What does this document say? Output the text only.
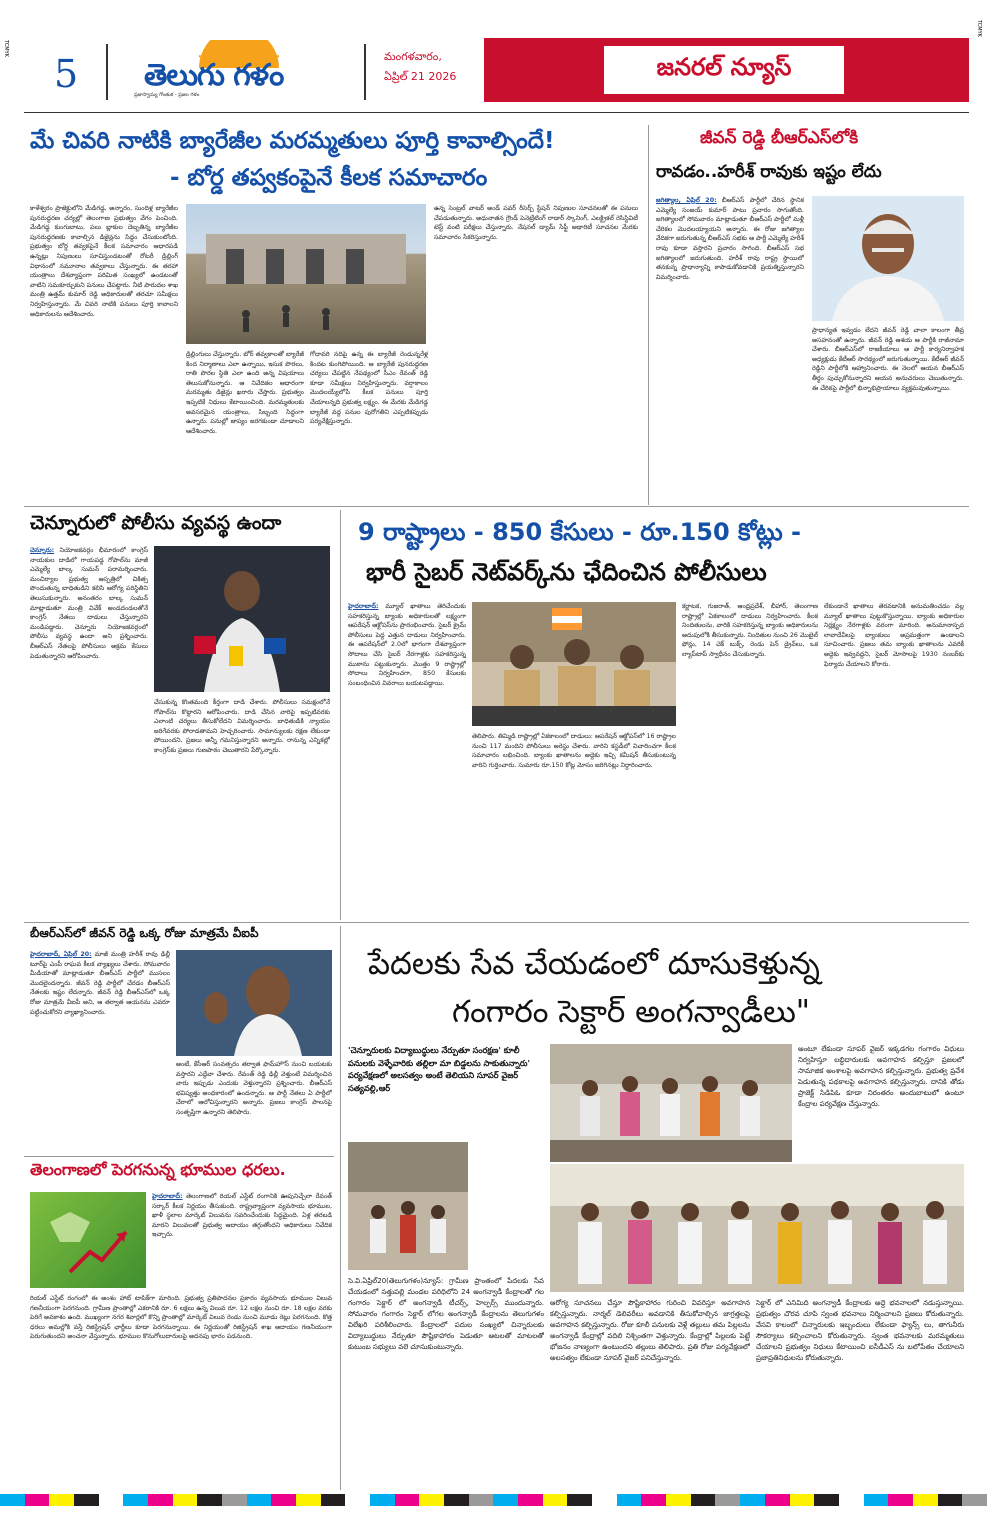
TCMYK
TCMYK
5 తెలుగు గళం
ప్రజాస్వామ్య గొంతుక - ప్రజల గళం
మంగళవారం,
ఏప్రిల్ 21 2026	జనరల్ న్యూస్
మే చివరి నాటికి బ్యారేజీల మరమ్మతులు పూర్తి కావాల్సిందే!
- బోర్డ తప్వకంపైనే కీలక సమాచారం
కాళేశ్వరం ప్రాజెక్టులోని మేడిగడ్డ, అన్నారం, సుందిళ్ల బ్యారేజీల పునరుద్ధరణ చర్యల్లో తెలంగాణ ప్రభుత్వం వేగం పెంచింది. మేడిగడ్డ కుంగుబాటు, పలు బ్లాకుల దెబ్బతిన్న బ్యారేజీల పునరుద్ధరణకు కావాల్సిన డిజైన్లను సిద్ధం చేసుకుంటోంది. ప్రభుత్వం బోర్డ తవ్వకపైనే కీలక సమాచారం ఆధారపడి ఉన్నట్లు నిపుణులు సూచిస్తుండటంతో రోటరీ డ్రిల్లింగ్ విధానంలో నమూనాల తవ్వకాలు చేస్తున్నారు. ఈ తరహా యంత్రాలు దేశవ్యాప్తంగా పరిమిత సంఖ్యలో ఉండటంతో వాటిని సమకూర్చుకుని పనులు చేపట్టారు. నీటి పారుదల శాఖ మంత్రి ఉత్తమ్ కుమార్ రెడ్డి అధికారులతో తరచూ సమీక్షలు నిర్వహిస్తున్నారు. మే చివరి నాటికి పనులు పూర్తి కావాలని అధికారులను ఆదేశించారు.
డ్రిల్లింగులు చేస్తున్నారు. బోర్ తవ్వకాలతో బ్యారేజీ కింద నిర్మాణాలు ఎలా ఉన్నాయి, ఇసుక పొరలు, రాతి పొరల స్థితి ఎలా ఉంది అన్న విషయాలు తెలుసుకోనున్నారు. ఆ నివేదికల ఆధారంగా మరమ్మతు డిజైన్లు ఖరారు చేస్తారు. ప్రభుత్వం ఇప్పటికే నిధులు కేటాయించింది. మరమ్మతులకు అవసరమైన యంత్రాలు, సిబ్బంది సిద్ధంగా ఉన్నారు. పనుల్లో జాప్యం జరగకుండా చూడాలని ఆదేశించారు.
గోదావరి నదిపై ఉన్న ఈ బ్యారేజీ రెండున్నరేళ్ల కిందట కుంగిపోయింది. ఆ బ్యారేజీ పునరుద్ధరణ చర్యలు చేపట్టిన నేపథ్యంలో సీఎం రేవంత్ రెడ్డి కూడా సమీక్షలు నిర్వహిస్తున్నారు. వర్షాకాలం మొదలయ్యేలోపే కీలక పనులు పూర్తి చేయాలన్నది ప్రభుత్వ లక్ష్యం. ఈ మేరకు మేడిగడ్డ బ్యారేజీ వద్ద పనుల పురోగతిని ఎప్పటికప్పుడు పర్యవేక్షిస్తున్నారు.
ఉన్న సెంట్రల్ వాటర్ అండ్ పవర్ రీసెర్చ్ స్టేషన్ నిపుణుల సూచనలతో ఈ పనులు చేపడుతున్నారు. అధునాతన గ్రౌండ్ పెనెట్రేటింగ్ రాడార్ స్కానింగ్, ఎలక్ట్రికల్ రెసిస్టివిటీ టెస్ట్ వంటి పరీక్షలు చేస్తున్నారు. నేషనల్ డ్యామ్ సేఫ్టీ అథారిటీ సూచనల మేరకు సమాచారం సేకరిస్తున్నారు.
జీవన్ రెడ్డి బీఆర్ఎస్‌లోకి
రావడం..హరీశ్ రావుకు ఇష్టం లేదు
జగిత్యాల, ఏప్రిల్ 20: బీఆర్ఎస్ పార్టీలో చేరిన స్థానిక ఎమ్మెల్యే సంజయ్ కుమార్ పాటు ప్రచారం సాగుతోంది. జగిత్యాలలో సోమవారం మాట్లాడుతూ బీఆర్ఎస్ పార్టీలో మళ్లీ చేరికల మొదలయ్యాయని అన్నారు. ఈ రోజు జగిత్యాల వేదికగా జరుగుతున్న బీఆర్ఎస్ సభకు ఆ పార్టీ ఎమ్మెల్యే హరీశ్ రావు కూడా వస్తారని ప్రచారం సాగింది. బీఆర్ఎస్ సభ జగిత్యాలలో జరుగుతుంది. హరీశ్ రావు రాష్ట్ర స్థాయిలో తనకున్న ప్రాధాన్యాన్ని కాపాడుకోవడానికి ప్రయత్నిస్తున్నారని విమర్శించారు.
ప్రాధాన్యత ఇవ్వడం లేదని జీవన్ రెడ్డి చాలా కాలంగా తీవ్ర అసహనంతో ఉన్నారు. జీవన్ రెడ్డి ఆశయ ఆ పార్టీకి రాజీనామా చేశారు. బీఆర్ఎస్‌లో రాజకీయాలు ఆ పార్టీ కార్యనిర్వాహక అధ్యక్షుడు కేటీఆర్ సారథ్యంలో జరుగుతున్నాయి. కేటీఆర్ జీవన్ రెడ్డిని పార్టీలోకి ఆహ్వానించారు. ఈ నెలలో ఆయన బీఆర్ఎస్ తీర్థం పుచ్చుకోనున్నారని ఆయన అనుచరులు చెబుతున్నారు. ఈ చేరికపై పార్టీలో భిన్నాభిప్రాయాలు వ్యక్తమవుతున్నాయి.
చెన్నూరులో పోలీసు వ్యవస్థ ఉందా
చెన్నూరు: నియోజకవర్గం భీమారంలో కాంగ్రెస్ నాయకుల దాడిలో గాయపడ్డ గోపాల్‌ను మాజీ ఎమ్మెల్యే బాల్క సుమన్ పరామర్శించారు. మంచిర్యాల ప్రభుత్వ ఆస్పత్రిలో చికిత్స పొందుతున్న బాధితుడిని కలిసి ఆరోగ్య పరిస్థితిని తెలుసుకున్నారు. అనంతరం బాల్క సుమన్ మాట్లాడుతూ మంత్రి వివేక్ అండదండలతోనే కాంగ్రెస్ నేతలు దాడులు చేస్తున్నారని మండిపడ్డారు. చెన్నూరు నియోజకవర్గంలో పోలీసు వ్యవస్థ ఉందా అని ప్రశ్నించారు. బీఆర్ఎస్ నేతలపై పోలీసులు అక్రమ కేసులు పెడుతున్నారని ఆరోపించారు.
చేసుకున్న కొంతమంది కీర్తంగా దాడి చేశారు. పోలీసులు సమక్షంలోనే గోపాల్‌ను కొట్టారని ఆరోపించారు. దాడి చేసిన వారిపై ఇప్పటివరకు ఎలాంటి చర్యలు తీసుకోలేదని విమర్శించారు. బాధితుడికి న్యాయం జరిగేవరకు పోరాడతామని హెచ్చరించారు. సామాన్యులకు రక్షణ లేకుండా పోయిందని, ప్రజలు అన్నీ గమనిస్తున్నారని అన్నారు. రానున్న ఎన్నికల్లో కాంగ్రెస్‌కు ప్రజలు గుణపాఠం చెబుతారని పేర్కొన్నారు.
9 రాష్ట్రాలు - 850 కేసులు - రూ.150 కోట్లు -
భారీ సైబర్ నెట్‌వర్క్‌ను ఛేదించిన పోలీసులు
హైదరాబాద్: మ్యూల్ ఖాతాలు తెరిచేందుకు సహకరిస్తున్న బ్యాంకు అధికారులతో లక్ష్యంగా ఆపరేషన్ ఆక్టోపస్‌ను ప్రారంభించారు. సైబర్ క్రైమ్ పోలీసులు పెద్ద ఎత్తున దాడులు నిర్వహించారు. ఈ ఆపరేషన్‌లో 2.0లో భాగంగా దేశవ్యాప్తంగా సోదాలు చేసి సైబర్ నేరగాళ్లకు సహకరిస్తున్న ముఠాను పట్టుకున్నారు. మొత్తం 9 రాష్ట్రాల్లో సోదాలు నిర్వహించగా, 850 కేసులకు సంబంధించిన వివరాలు బయటపడ్డాయి.
తెలిపారు. తిమ్మిడి రాష్ట్రాల్లో ఏకకాలంలో దాడులు: ఆపరేషన్ ఆక్టోపస్‌లో 16 రాష్ట్రాల నుంచి 117 మందిని పోలీసులు అరెస్టు చేశారు. వారిని కస్టడీలో విచారించగా కీలక సమాచారం లభించింది. బ్యాంకు ఖాతాలను అద్దెకు ఇచ్చి కమీషన్ తీసుకుంటున్న వారిని గుర్తించారు. సుమారు రూ.150 కోట్ల మోసం జరిగినట్లు నిర్ధారించారు.
కర్ణాటక, గుజరాత్, ఆంధ్రప్రదేశ్, బీహార్, తెలంగాణ రాష్ట్రాల్లో ఏకకాలంలో దాడులు నిర్వహించారు. కీలక నిందితులను, వారికి సహకరిస్తున్న బ్యాంకు అధికారులను అదుపులోకి తీసుకున్నారు. నిందితుల నుంచి 26 మొబైల్ ఫోన్లు, 14 చెక్ బుక్స్, రెండు పెన్ డ్రైవ్‌లు, ఒక ల్యాప్‌టాప్ స్వాధీనం చేసుకున్నారు.
లేకుండానే ఖాతాలు తెరవడానికి అనుమతించడం వల్ల మ్యూల్ ఖాతాలు పుట్టుకొస్తున్నాయి. బ్యాంకు అధికారుల నిర్లక్ష్యం నేరగాళ్లకు వరంగా మారింది. అనుమానాస్పద లావాదేవీలపై బ్యాంకులు అప్రమత్తంగా ఉండాలని సూచించారు. ప్రజలు తమ బ్యాంకు ఖాతాలను ఎవరికీ అద్దెకు ఇవ్వవద్దని, సైబర్ మోసాలపై 1930 నంబర్‌కు ఫిర్యాదు చేయాలని కోరారు.
బీఆర్ఎస్‌లో జీవన్ రెడ్డి ఒక్క రోజు మాత్రమే వీఐపీ
హైదరాబాద్, ఏప్రిల్ 20: మాజీ మంత్రి హరీశ్ రావు ఢిల్లీ టూర్‌పై ఎంపీ రాఘవ కీలక వ్యాఖ్యలు చేశారు. సోమవారం మీడియాతో మాట్లాడుతూ బీఆర్ఎస్ పార్టీలో ముసలం మొదలైందన్నారు. జీవన్ రెడ్డి పార్టీలో చేరడం బీఆర్ఎస్ నేతలకు ఇష్టం లేదన్నారు. జీవన్ రెడ్డి బీఆర్ఎస్‌లో ఒక్క రోజు మాత్రమే వీఐపీ అని, ఆ తర్వాత ఆయనను ఎవరూ పట్టించుకోరని వ్యాఖ్యానించారు.
అంటే, కేసీఆర్ సంవత్సరం తర్వాత ఫామ్‌హౌస్ నుంచి బయటకు వస్తారని ఎద్దేవా చేశారు. రేవంత్ రెడ్డి ఢిల్లీ వెళ్తుంటే విమర్శించిన వారు ఇప్పుడు ఎందుకు వెళ్తున్నారని ప్రశ్నించారు. బీఆర్ఎస్ భవిష్యత్తు అంధకారంలో ఉందన్నారు. ఆ పార్టీ నేతలు ఏ పార్టీలో చేరాలో ఆలోచిస్తున్నారని అన్నారు. ప్రజలు కాంగ్రెస్ పాలనపై సంతృప్తిగా ఉన్నారని తెలిపారు.
తెలంగాణలో పెరగనున్న భూముల ధరలు.
హైదరాబాద్: తెలంగాణలో రియల్ ఎస్టేట్ రంగానికి ఊపునిచ్చేలా రేవంత్ సర్కార్ కీలక నిర్ణయం తీసుకుంది. రాష్ట్రవ్యాప్తంగా వ్యవసాయ భూముల, ఖాళీ స్థలాల మార్కెట్ విలువను సవరించేందుకు సిద్ధమైంది. ఏళ్ల తరబడి మారని విలువలతో ప్రభుత్వ ఆదాయం తగ్గుతోందని అధికారులు నివేదిక ఇచ్చారు.
రియల్ ఎస్టేట్ రంగంలో ఈ అంశం హాట్ టాపిక్‌గా మారింది. ప్రభుత్వ ప్రతిపాదనల ప్రకారం వ్యవసాయ భూముల విలువ గణనీయంగా పెరగనుంది. గ్రామీణ ప్రాంతాల్లో ఎకరానికి రూ. 6 లక్షలు ఉన్న విలువ రూ. 12 లక్షల నుంచి రూ. 18 లక్షల వరకు పెరిగే అవకాశం ఉంది. ముఖ్యంగా నగర శివార్లలో కొన్ని ప్రాంతాల్లో మార్కెట్ విలువ రెండు నుంచి మూడు రెట్లు పెరగనుంది. కొత్త ధరలు అమల్లోకి వస్తే రిజిస్ట్రేషన్ ఛార్జీలు కూడా పెరగనున్నాయి. ఈ నిర్ణయంతో రిజిస్ట్రేషన్ శాఖ ఆదాయం గణనీయంగా పెరుగుతుందని అంచనా వేస్తున్నారు. భూముల కొనుగోలుదారులపై అదనపు భారం పడనుంది.
పేదలకు సేవ చేయడంలో దూసుకెళ్తున్న
గంగారం సెక్టార్ అంగన్వాడీలు"
'చెన్నూరులకు విద్యాబుద్ధులు నేర్పుతూ సంరక్షణ' కూలీ పనులకు వెళ్ళేవారికు తల్లిలా మా బిడ్డలను సాకుతున్నారు' పర్యవేక్షణలో అలసత్వం అంటే తెలియని సూపర్ వైజర్ సత్యవల్లి,ఆర్
అంటూ లేకుండా సూపర్ వైజర్ ఇక్కడగల గంగారం విధులు నిర్వహిస్తూ లబ్ధిదారులకు అవగాహన కల్పిస్తూ ప్రజలలో సామాజిక అంశాలపై అవగాహన కల్పిస్తున్నారు. ప్రభుత్వ ప్రవేశ పెడుతున్న పథకాలపై అవగాహన కల్పిస్తున్నారు. దానికి తోడు ప్రాజెక్ట్ సిడిపిఓ కూడా నిరంతరం అందుబాటులో ఉంటూ కేంద్రాల పర్యవేక్షణ చేస్తున్నారు.
సె.వి.ఏప్రిల్20(తెలుగుగళం)న్యూస్: గ్రామీణ ప్రాంతంలో పేదలకు సేవ చేయడంలో సత్తుపల్లి మండల పరిధిలోని 24 అంగన్వాడీ కేంద్రాలతో గల గంగారం సెక్టార్ లో అంగన్వాడీ టీచర్స్, హెల్పర్స్ ముందున్నారు. సోమవారం గంగారం సెక్టార్ లోగల అంగన్వాడీ కేంద్రాలను తెలుగుగళం విలేఖరి పరిశీలించారు. కేంద్రాలలో పదుల సంఖ్యలో చిన్నారులకు విద్యాబుద్ధులు నేర్పుతూ పౌష్టికాహారం పెడుతూ ఆటలతో మాటలతో కుటుంబ సభ్యులు వలె చూసుకుంటున్నారు.
ఆరోగ్య సూచనలు చేస్తూ పౌష్టికాహారం గురించి వివరిస్తూ అవగాహన కల్పిస్తున్నారు. నార్మల్ డెలివరీలు అవడానికి తీసుకోవాల్సిన జాగ్రత్తలపై అవగాహన కల్పిస్తున్నారు. రోజు కూలీ పనులకు వెళ్లే తల్లులు తమ పిల్లలను అంగన్వాడీ కేంద్రాల్లో వదిలి నిశ్చింతగా వెళ్తున్నారు. కేంద్రాల్లో పిల్లలకు పెట్టే భోజనం నాణ్యంగా ఉంటుందని తల్లులు తెలిపారు. ప్రతి రోజు పర్యవేక్షణలో అలసత్వం లేకుండా సూపర్ వైజర్ పనిచేస్తున్నారు.
సెక్టార్ లో ఎనిమిది అంగన్వాడీ కేంద్రాలకు అద్దె భవనాలలో నడుస్తున్నాయి. ప్రభుత్వం చొరవ చూపి స్వంత భవనాలు నిర్మించాలని ప్రజలు కోరుతున్నారు. వేసవి కాలంలో చిన్నారులకు ఇబ్బందులు లేకుండా ఫ్యాన్స్ లు, తాగునీరు సౌకర్యాలు కల్పించాలని కోరుతున్నారు. స్వంత భవనాలకు మరమ్మతులు చేయాలని ప్రభుత్వం నిధులు కేటాయించి ఐసీడీఎస్ ను బలోపేతం చేయాలని ప్రజాప్రతినిధులను కోరుతున్నారు.
